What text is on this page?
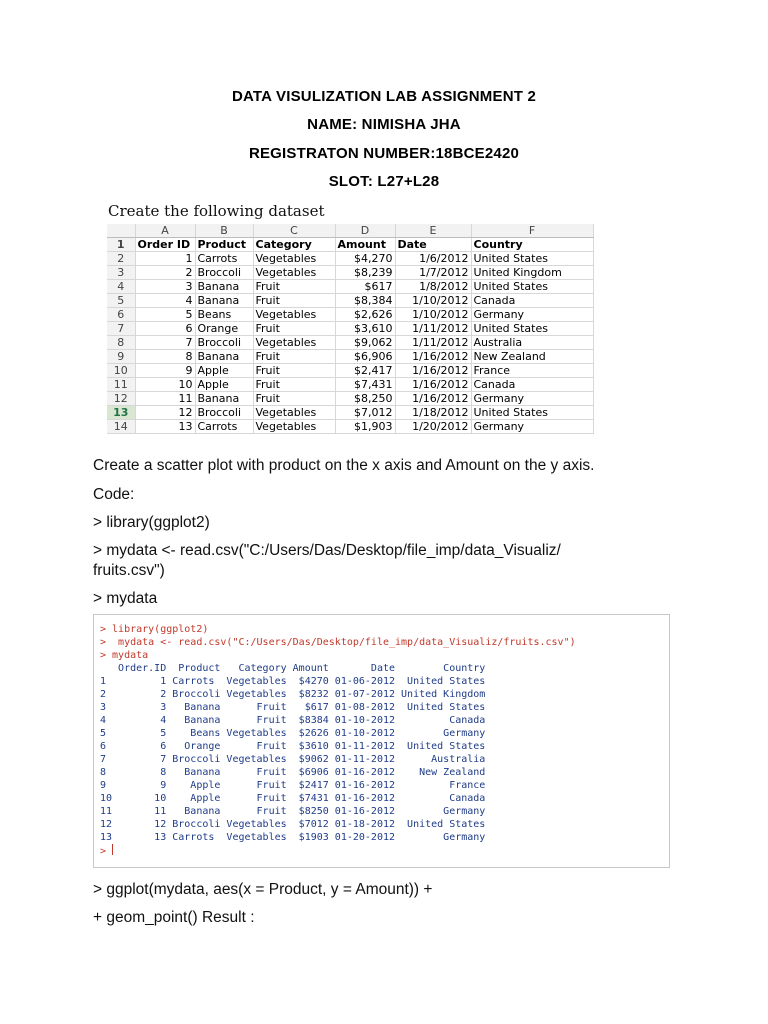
DATA VISULIZATION LAB ASSIGNMENT 2
NAME: NIMISHA JHA
REGISTRATON NUMBER:18BCE2420
SLOT: L27+L28
Create the following dataset
	A	B	C	D	E	F
1	Order ID	Product	Category	Amount	Date	Country
2	1	Carrots	Vegetables	$4,270	1/6/2012	United States
3	2	Broccoli	Vegetables	$8,239	1/7/2012	United Kingdom
4	3	Banana	Fruit	$617	1/8/2012	United States
5	4	Banana	Fruit	$8,384	1/10/2012	Canada
6	5	Beans	Vegetables	$2,626	1/10/2012	Germany
7	6	Orange	Fruit	$3,610	1/11/2012	United States
8	7	Broccoli	Vegetables	$9,062	1/11/2012	Australia
9	8	Banana	Fruit	$6,906	1/16/2012	New Zealand
10	9	Apple	Fruit	$2,417	1/16/2012	France
11	10	Apple	Fruit	$7,431	1/16/2012	Canada
12	11	Banana	Fruit	$8,250	1/16/2012	Germany
13	12	Broccoli	Vegetables	$7,012	1/18/2012	United States
14	13	Carrots	Vegetables	$1,903	1/20/2012	Germany
Create a scatter plot with product on the x axis and Amount on the y axis.
Code:
> library(ggplot2)
> mydata <- read.csv("C:/Users/Das/Desktop/file_imp/data_Visualiz/
fruits.csv")
> mydata
> library(ggplot2)
>  mydata <- read.csv("C:/Users/Das/Desktop/file_imp/data_Visualiz/fruits.csv")
> mydata
Order.ID  Product   Category Amount       Date        Country
1         1 Carrots  Vegetables  $4270 01-06-2012  United States
2         2 Broccoli Vegetables  $8232 01-07-2012 United Kingdom
3         3   Banana      Fruit   $617 01-08-2012  United States
4         4   Banana      Fruit  $8384 01-10-2012         Canada
5         5    Beans Vegetables  $2626 01-10-2012        Germany
6         6   Orange      Fruit  $3610 01-11-2012  United States
7         7 Broccoli Vegetables  $9062 01-11-2012      Australia
8         8   Banana      Fruit  $6906 01-16-2012    New Zealand
9         9    Apple      Fruit  $2417 01-16-2012         France
10       10    Apple      Fruit  $7431 01-16-2012         Canada
11       11   Banana      Fruit  $8250 01-16-2012        Germany
12       12 Broccoli Vegetables  $7012 01-18-2012  United States
13       13 Carrots  Vegetables  $1903 01-20-2012        Germany
>
> ggplot(mydata, aes(x = Product, y = Amount)) +
+ geom_point() Result :
